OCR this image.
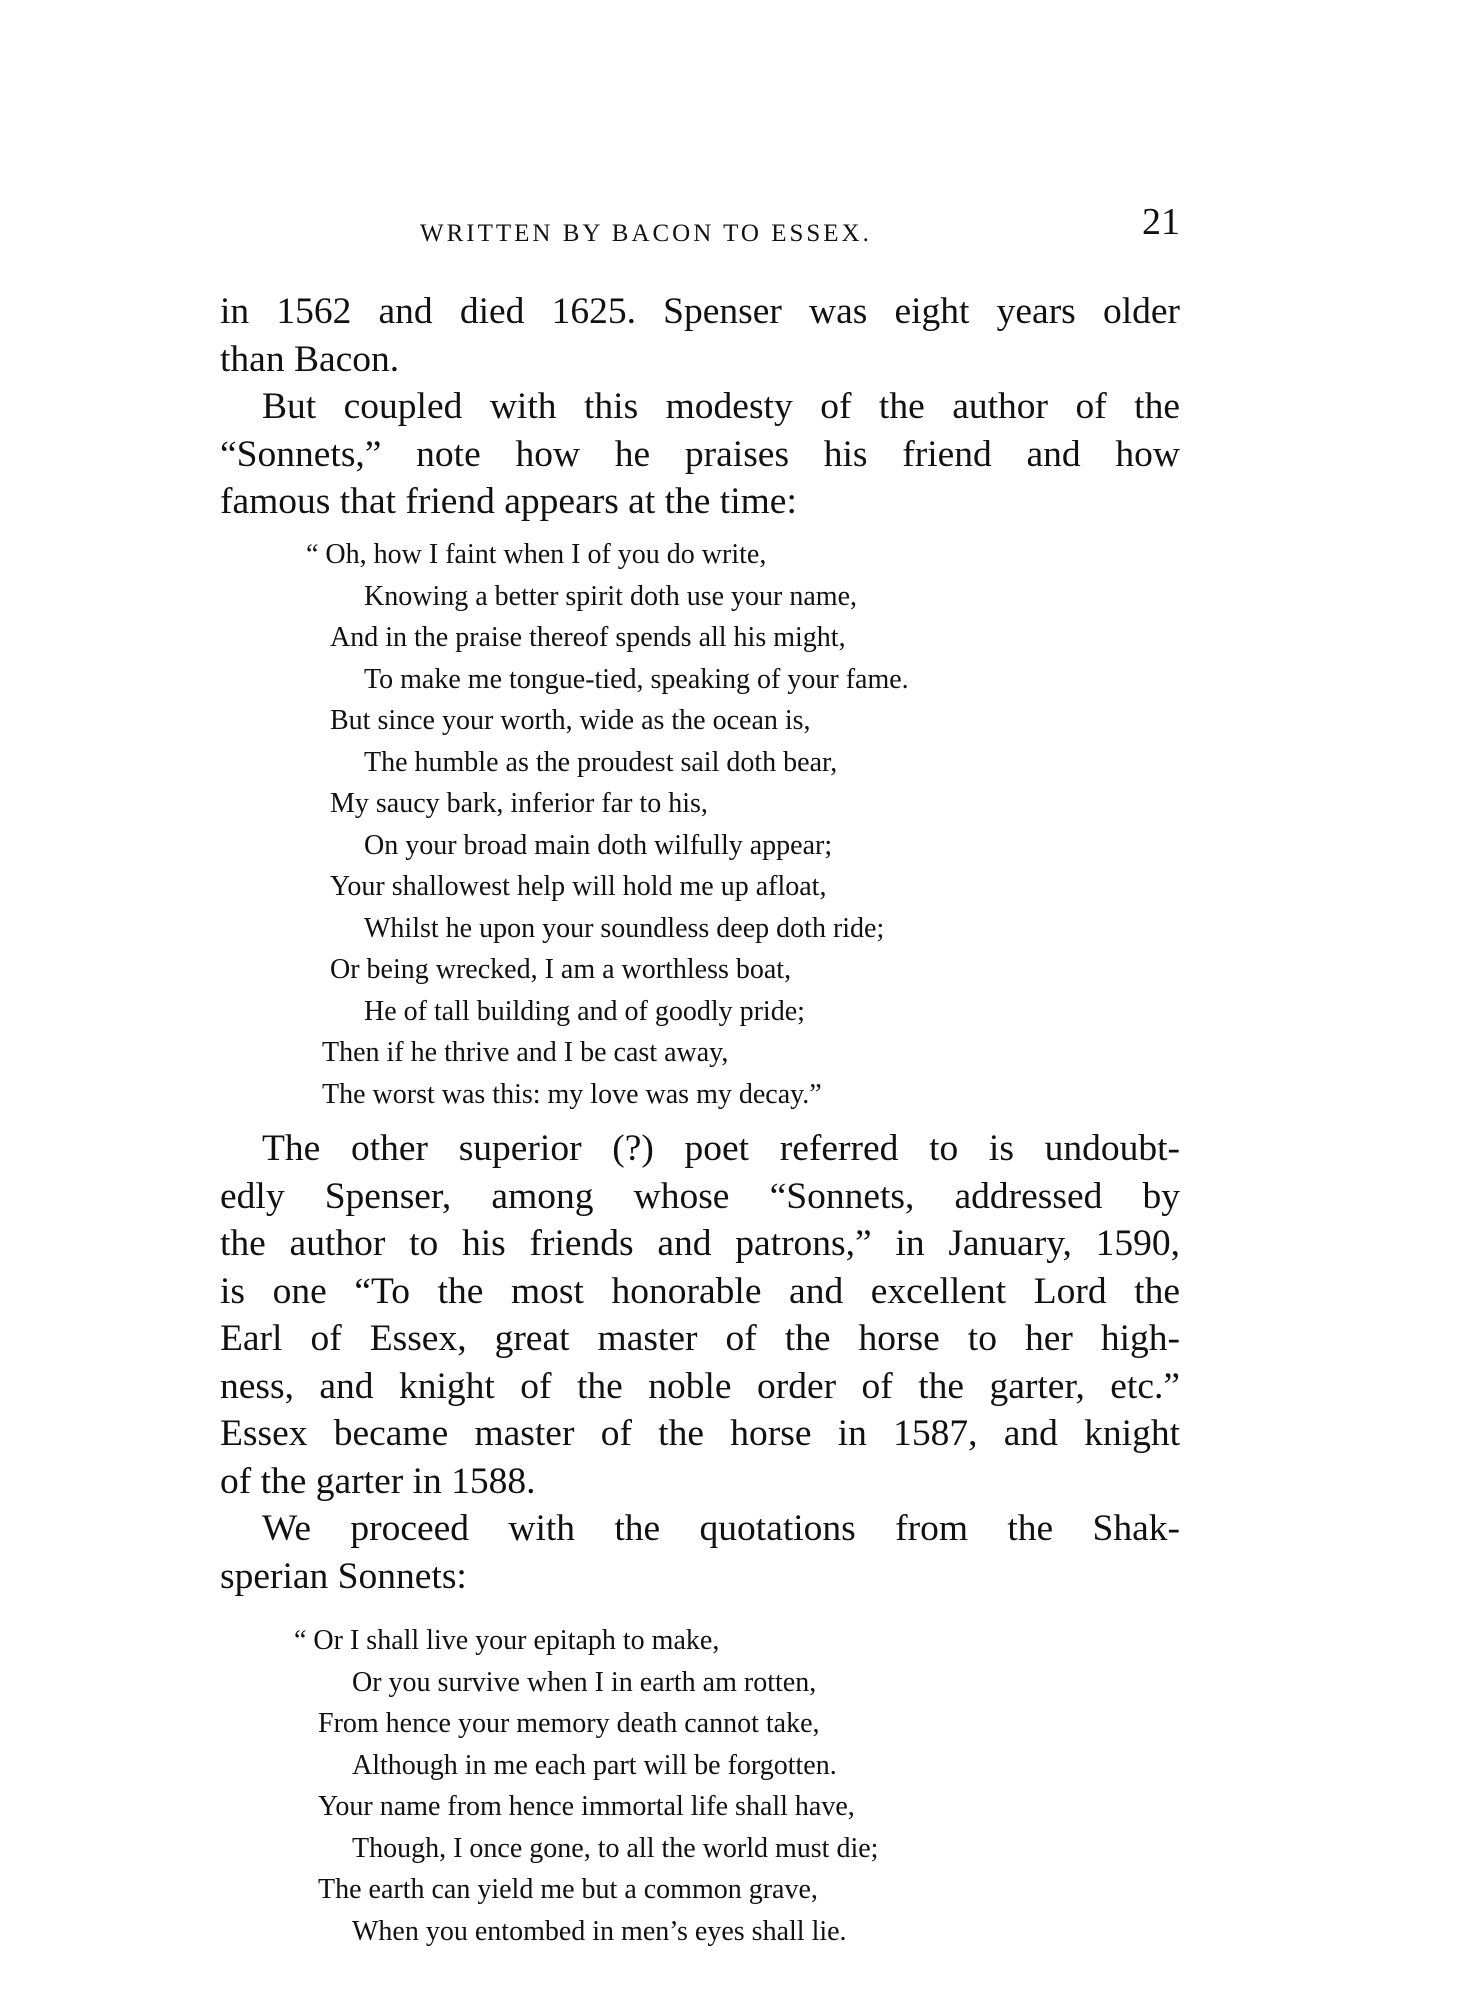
WRITTEN BY BACON TO ESSEX.	21
in 1562 and died 1625. Spenser was eight years older
than Bacon.
But coupled with this modesty of the author of the
“Sonnets,” note how he praises his friend and how
famous that friend appears at the time:
“ Oh, how I faint when I of you do write,
Knowing a better spirit doth use your name,
And in the praise thereof spends all his might,
To make me tongue-tied, speaking of your fame.
But since your worth, wide as the ocean is,
The humble as the proudest sail doth bear,
My saucy bark, inferior far to his,
On your broad main doth wilfully appear;
Your shallowest help will hold me up afloat,
Whilst he upon your soundless deep doth ride;
Or being wrecked, I am a worthless boat,
He of tall building and of goodly pride;
Then if he thrive and I be cast away,
The worst was this: my love was my decay.”
The other superior (?) poet referred to is undoubt-
edly Spenser, among whose “Sonnets, addressed by
the author to his friends and patrons,” in January, 1590,
is one “To the most honorable and excellent Lord the
Earl of Essex, great master of the horse to her high-
ness, and knight of the noble order of the garter, etc.”
Essex became master of the horse in 1587, and knight
of the garter in 1588.
We proceed with the quotations from the Shak-
sperian Sonnets:
“ Or I shall live your epitaph to make,
Or you survive when I in earth am rotten,
From hence your memory death cannot take,
Although in me each part will be forgotten.
Your name from hence immortal life shall have,
Though, I once gone, to all the world must die;
The earth can yield me but a common grave,
When you entombed in men’s eyes shall lie.
